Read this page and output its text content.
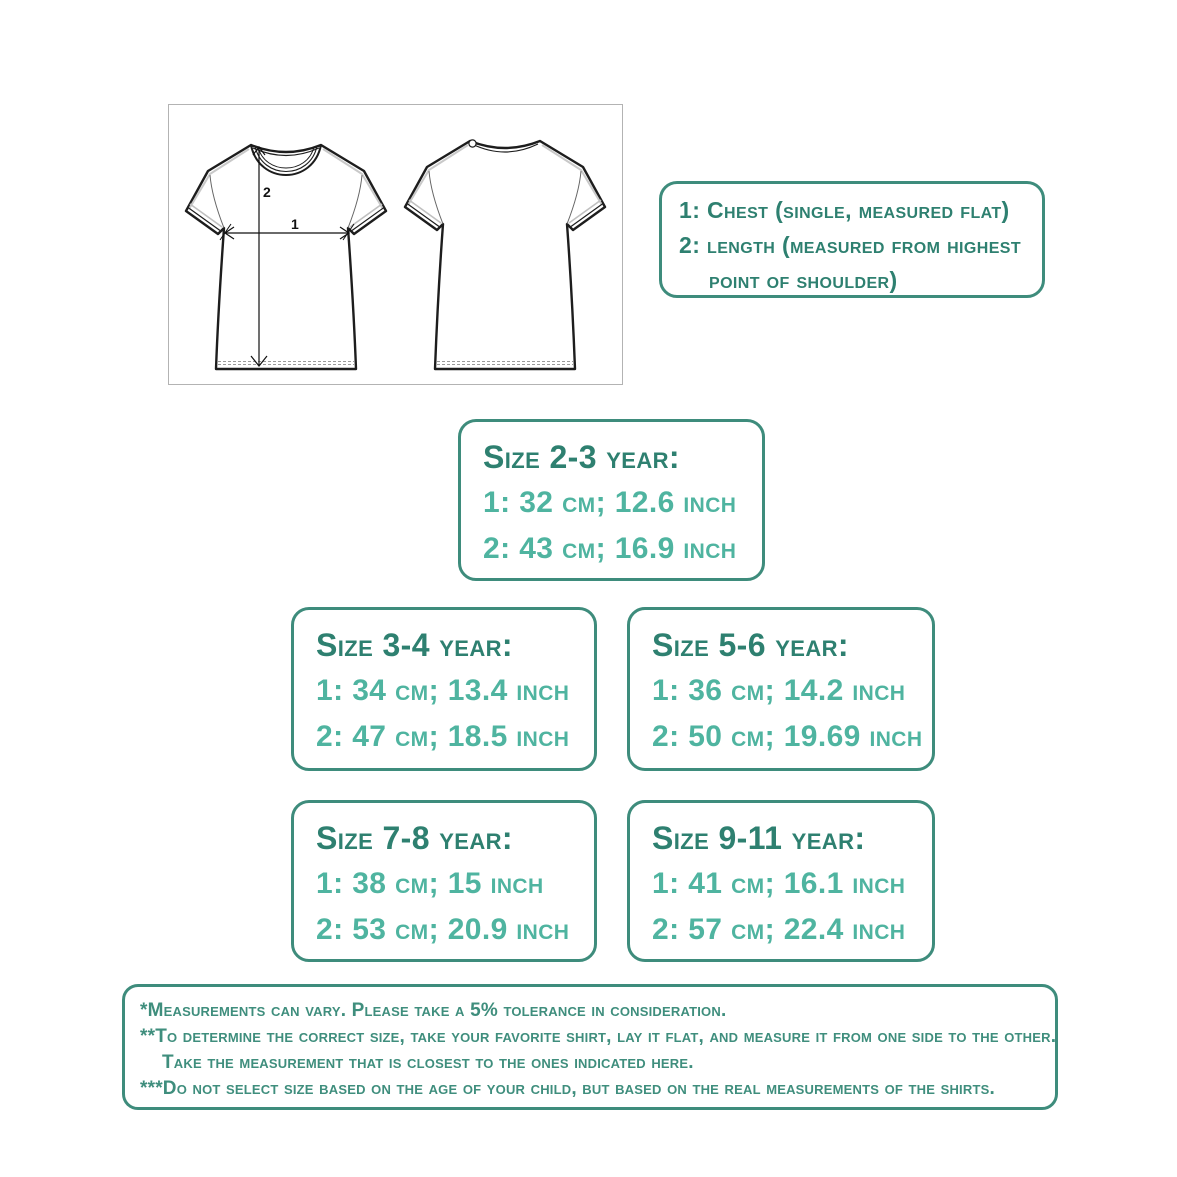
1
2
1: Chest (single, measured flat)
2: length (measured from highest
point of shoulder)
Size 2-3 year:
1: 32 cm; 12.6 inch
2: 43 cm; 16.9 inch
Size 3-4 year:
1: 34 cm; 13.4 inch
2: 47 cm; 18.5 inch
Size 5-6 year:
1: 36 cm; 14.2 inch
2: 50 cm; 19.69 inch
Size 7-8 year:
1: 38 cm; 15 inch
2: 53 cm; 20.9 inch
Size 9-11 year:
1: 41 cm; 16.1 inch
2: 57 cm; 22.4 inch
*Measurements can vary. Please take a 5% tolerance in consideration.
**To determine the correct size, take your favorite shirt, lay it flat, and measure it from one side to the other.
Take the measurement that is closest to the ones indicated here.
***Do not select size based on the age of your child, but based on the real measurements of the shirts.
